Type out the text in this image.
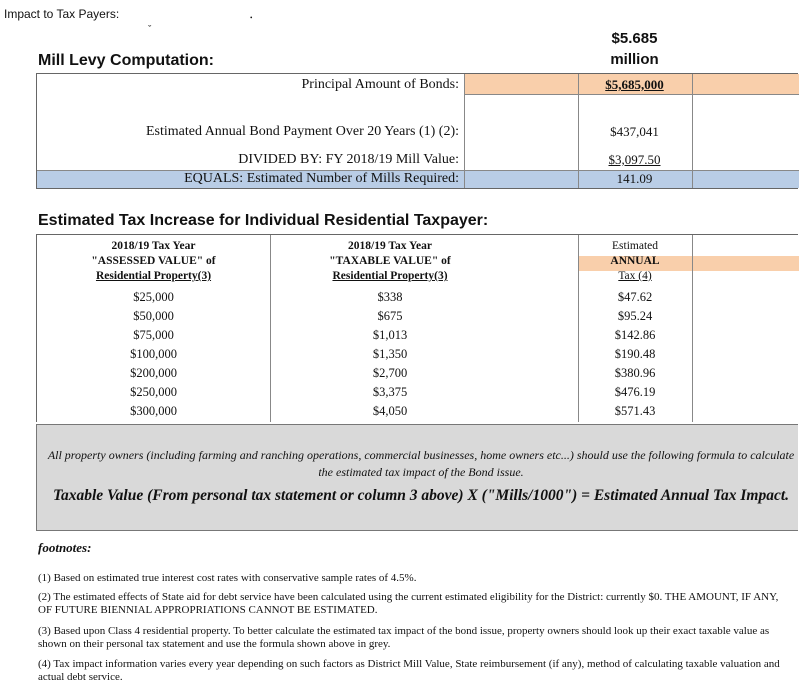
Impact to Tax Payers:
ˬ	•
$5.685
million
Mill Levy Computation:
Principal Amount of Bonds:	$5,685,000
Estimated Annual Bond Payment Over 20 Years (1) (2):	$437,041
DIVIDED BY: FY 2018/19 Mill Value:	$3,097.50
EQUALS: Estimated Number of Mills Required:	141.09
Estimated Tax Increase for Individual Residential Taxpayer:
2018/19 Tax Year
"ASSESSED VALUE" of
Residential Property(3)
2018/19 Tax Year
"TAXABLE VALUE" of
Residential Property(3)
Estimated
ANNUAL
Tax (4)
$25,000	$338	$47.62
$50,000	$675	$95.24
$75,000	$1,013	$142.86
$100,000	$1,350	$190.48
$200,000	$2,700	$380.96
$250,000	$3,375	$476.19
$300,000	$4,050	$571.43
All property owners (including farming and ranching operations, commercial businesses, home owners etc...) should use the following formula to calculate the estimated tax impact of the Bond issue.
Taxable Value (From personal tax statement or column 3 above) X ("Mills/1000") = Estimated Annual Tax Impact.
footnotes:
(1) Based on estimated true interest cost rates with conservative sample rates of 4.5%.
(2) The estimated effects of State aid for debt service have been calculated using the current estimated eligibility for the District: currently $0. THE AMOUNT, IF ANY, OF FUTURE BIENNIAL APPROPRIATIONS CANNOT BE ESTIMATED.
(3) Based upon Class 4 residential property. To better calculate the estimated tax impact of the bond issue, property owners should look up their exact taxable value as shown on their personal tax statement and use the formula shown above in grey.
(4) Tax impact information varies every year depending on such factors as District Mill Value, State reimbursement (if any), method of calculating taxable valuation and actual debt service.
